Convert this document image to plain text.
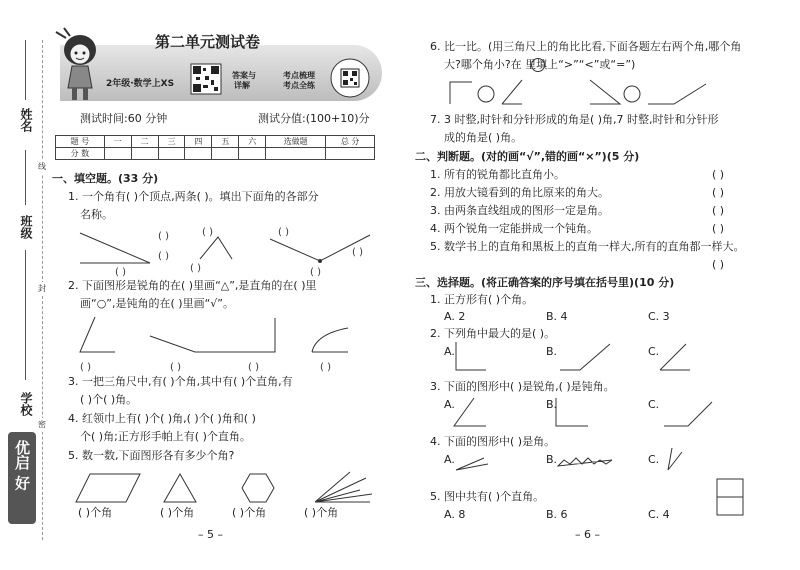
姓名
班级
学校
线
封
密
优启 好
第二单元测试卷
2年级·数学上XS
答案与
详解
考点梳理
考点全练
测试时间:60 分钟	测试分值:(100+10)分
题 号	一	二	三	四	五	六	选做题	总 分
分 数								
一、填空题。(33 分)
1. 一个角有( )个顶点,两条( )。填出下面角的各部分
名称。
( )
( )
( )
( )
( )
( )
( )
( )
2. 下面图形是锐角的在( )里画“△”,是直角的在( )里
画“○”,是钝角的在( )里画“√”。
( )	( )	( )	( )
3. 一把三角尺中,有( )个角,其中有( )个直角,有
( )个( )角。
4. 红领巾上有( )个( )角,( )个( )角和( )
个( )角;正方形手帕上有( )个直角。
5. 数一数,下面图形各有多少个角?
( )个角	( )个角	( )个角	( )个角
– 5 –
6. 比一比。(用三角尺上的角比比看,下面各题左右两个角,哪个角
大?哪个角小?在 里填上“>”“<”或“=”)
7. 3 时整,时针和分针形成的角是( )角,7 时整,时针和分针形
成的角是( )角。
二、判断题。(对的画“√”,错的画“×”)(5 分)
1. 所有的锐角都比直角小。	( )
2. 用放大镜看到的角比原来的角大。	( )
3. 由两条直线组成的图形一定是角。	( )
4. 两个锐角一定能拼成一个钝角。	( )
5. 数学书上的直角和黑板上的直角一样大,所有的直角都一样大。
( )
三、选择题。(将正确答案的序号填在括号里)(10 分)
1. 正方形有( )个角。
A. 2	B. 4	C. 3
2. 下列角中最大的是( )。
A.	B.	C.
3. 下面的图形中( )是锐角,( )是钝角。
A.	B.	C.
4. 下面的图形中( )是角。
A.	B.	C.
5. 图中共有( )个直角。
A. 8	B. 6	C. 4
– 6 –
